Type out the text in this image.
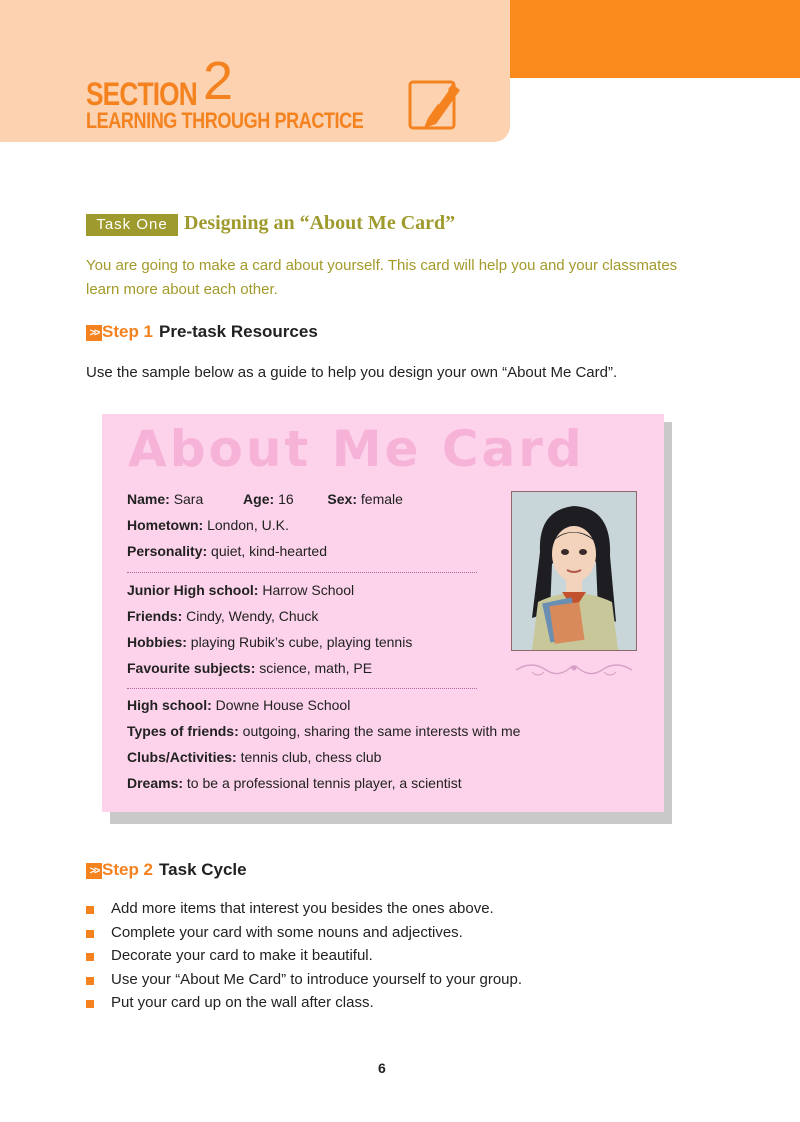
SECTION 2
LEARNING THROUGH PRACTICE
Task One Designing an “About Me Card”
You are going to make a card about yourself. This card will help you and your classmates learn more about each other.
>> Step 1 Pre-task Resources
Use the sample below as a guide to help you design your own “About Me Card”.
About Me Card
Name: Sara	Age: 16 Sex: female
Hometown: London, U.K.
Personality: quiet, kind-hearted
Junior High school: Harrow School
Friends: Cindy, Wendy, Chuck
Hobbies: playing Rubik’s cube, playing tennis
Favourite subjects: science, math, PE
High school: Downe House School
Types of friends: outgoing, sharing the same interests with me
Clubs/Activities: tennis club, chess club
Dreams: to be a professional tennis player, a scientist
>> Step 2 Task Cycle
Add more items that interest you besides the ones above.
Complete your card with some nouns and adjectives.
Decorate your card to make it beautiful.
Use your “About Me Card” to introduce yourself to your group.
Put your card up on the wall after class.
6
